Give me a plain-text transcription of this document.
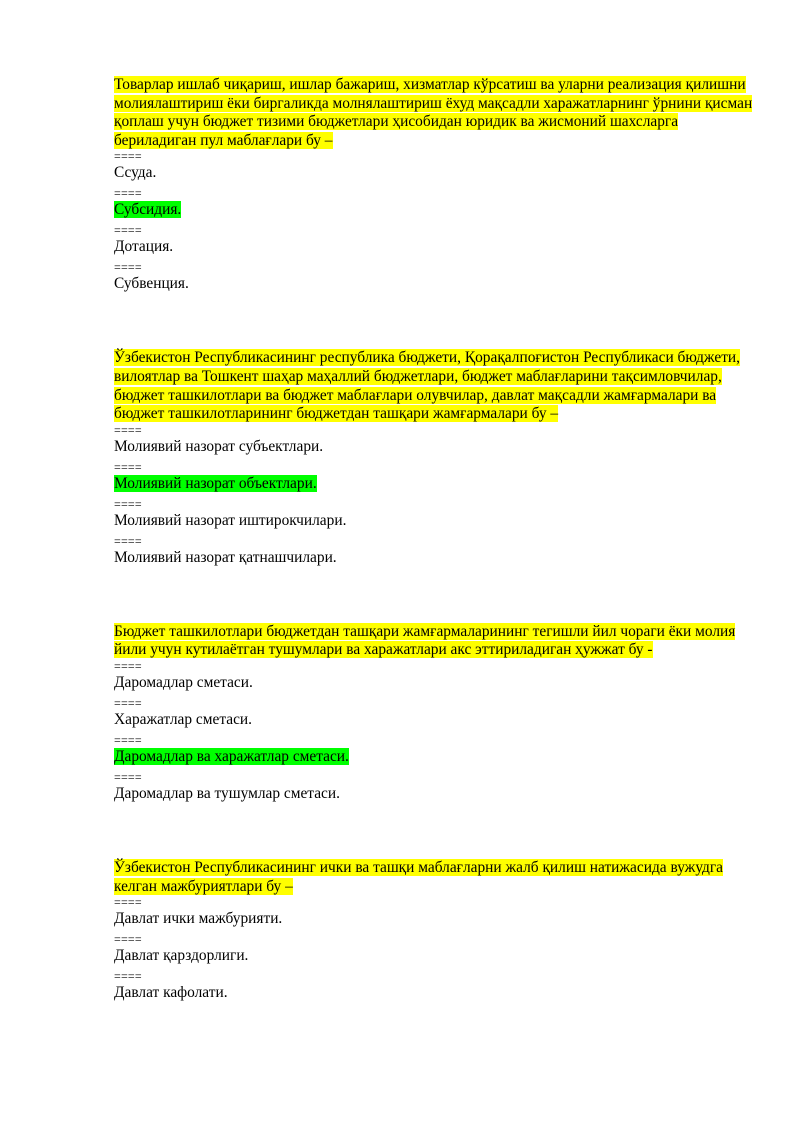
Товарлар ишлаб чиқариш, ишлар бажариш, хизматлар кўрсатиш ва уларни реализация қилишни молиялаштириш ёки биргаликда молнялаштириш ёхуд мақсадли харажатларнинг ўрнини қисман қоплаш учун бюджет тизими бюджетлари ҳисобидан юридик ва жисмоний шахсларга бериладиган пул маблағлари бу –

====
Ссуда.
====
Субсидия.
====
Дотация.
====
Субвенция.

Ўзбекистон Республикасининг республика бюджети, Қорақалпоғистон Республикаси бюджети, вилоятлар ва Тошкент шаҳар маҳаллий бюджетлари, бюджет маблағларини тақсимловчилар, бюджет ташкилотлари ва бюджет маблағлари олувчилар, давлат мақсадли жамғармалари ва бюджет ташкилотларининг бюджетдан ташқари жамғармалари бу –

====
Молиявий назорат субъектлари.
====
Молиявий назорат объектлари.
====
Молиявий назорат иштирокчилари.
====
Молиявий назорат қатнашчилари.

Бюджет ташкилотлари бюджетдан ташқари жамғармаларининг тегишли йил чораги ёки молия йили учун кутилаётган тушумлари ва харажатлари акс эттириладиган ҳужжат бу -

====
Даромадлар сметаси.
====
Харажатлар сметаси.
====
Даромадлар ва харажатлар сметаси.
====
Даромадлар ва тушумлар сметаси.

Ўзбекистон Республикасининг ички ва ташқи маблағларни жалб қилиш натижасида вужудга келган мажбуриятлари бу –

====
Давлат ички мажбурияти.
====
Давлат қарздорлиги.
====
Давлат кафолати.
